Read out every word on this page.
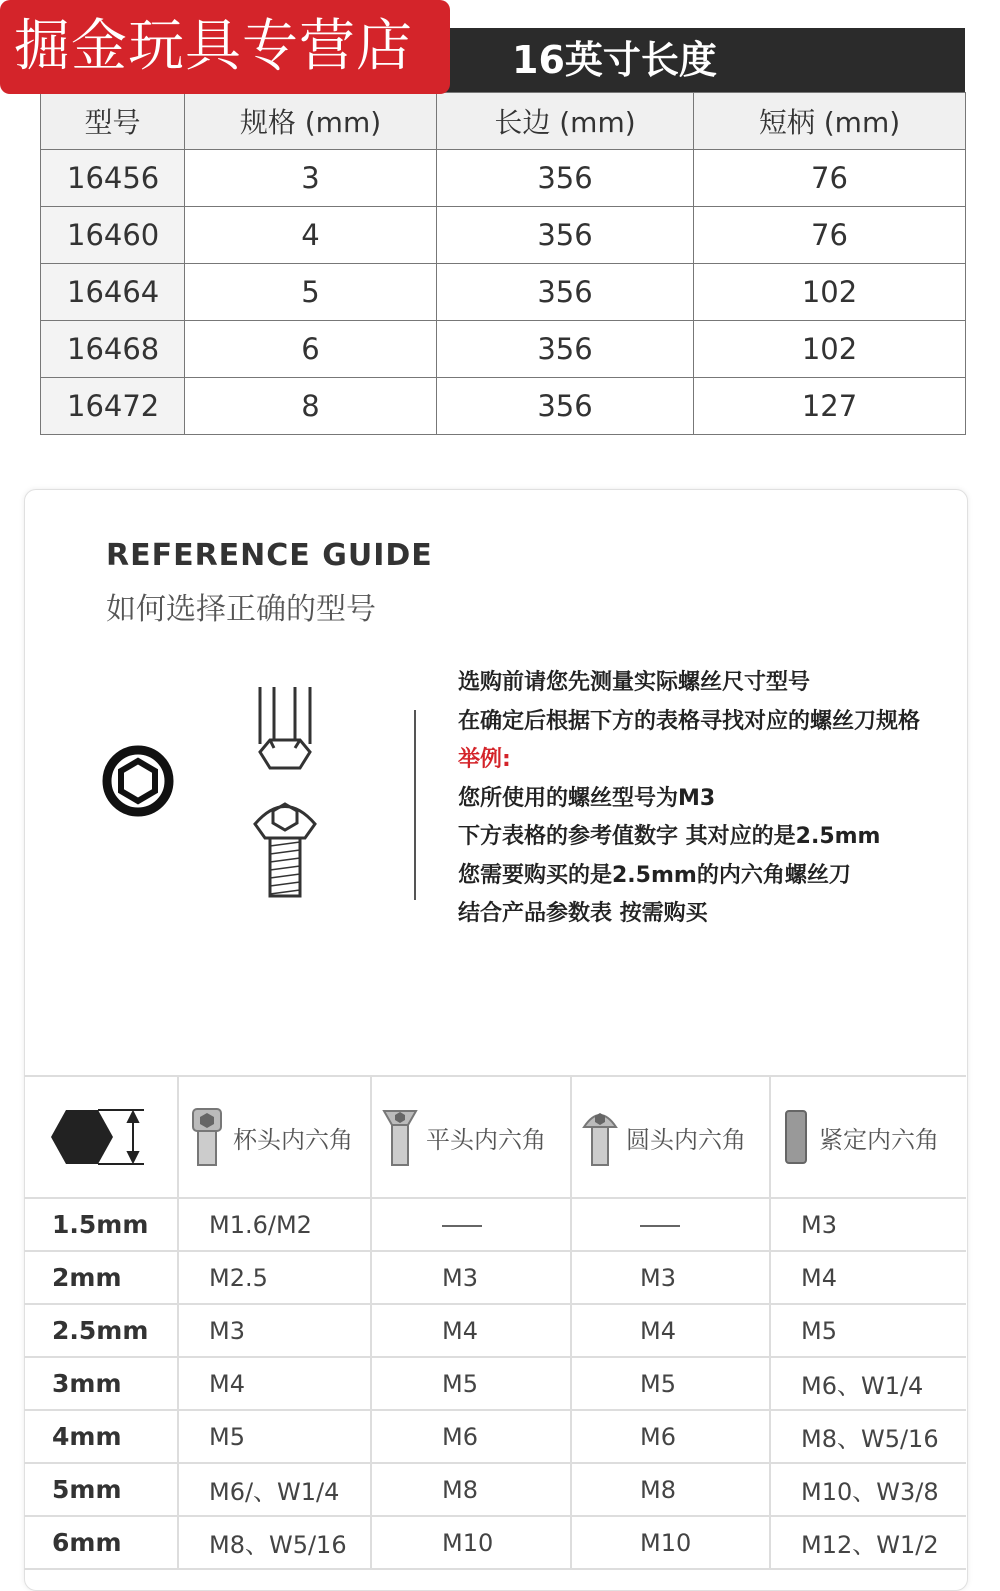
掘金玩具专营店	16英寸长度
型号	规格 (mm)	长边 (mm)	短柄 (mm)
16456	3	356	76
16460	4	356	76
16464	5	356	102
16468	6	356	102
16472	8	356	127
REFERENCE GUIDE
如何选择正确的型号
选购前请您先测量实际螺丝尺寸型号
在确定后根据下方的表格寻找对应的螺丝刀规格
举例:
您所使用的螺丝型号为M3
下方表格的参考值数字 其对应的是2.5mm
您需要购买的是2.5mm的内六角螺丝刀
结合产品参数表 按需购买

杯头内六角	平头内六角	圆头内六角	紧定内六角

1.5mm	M1.6/M2			M3
2mm	M2.5	M3	M3	M4
2.5mm	M3	M4	M4	M5
3mm	M4	M5	M5	M6、W1/4
4mm	M5	M6	M6	M8、W5/16
5mm	M6/、W1/4	M8	M8	M10、W3/8
6mm	M8、W5/16	M10	M10	M12、W1/2
